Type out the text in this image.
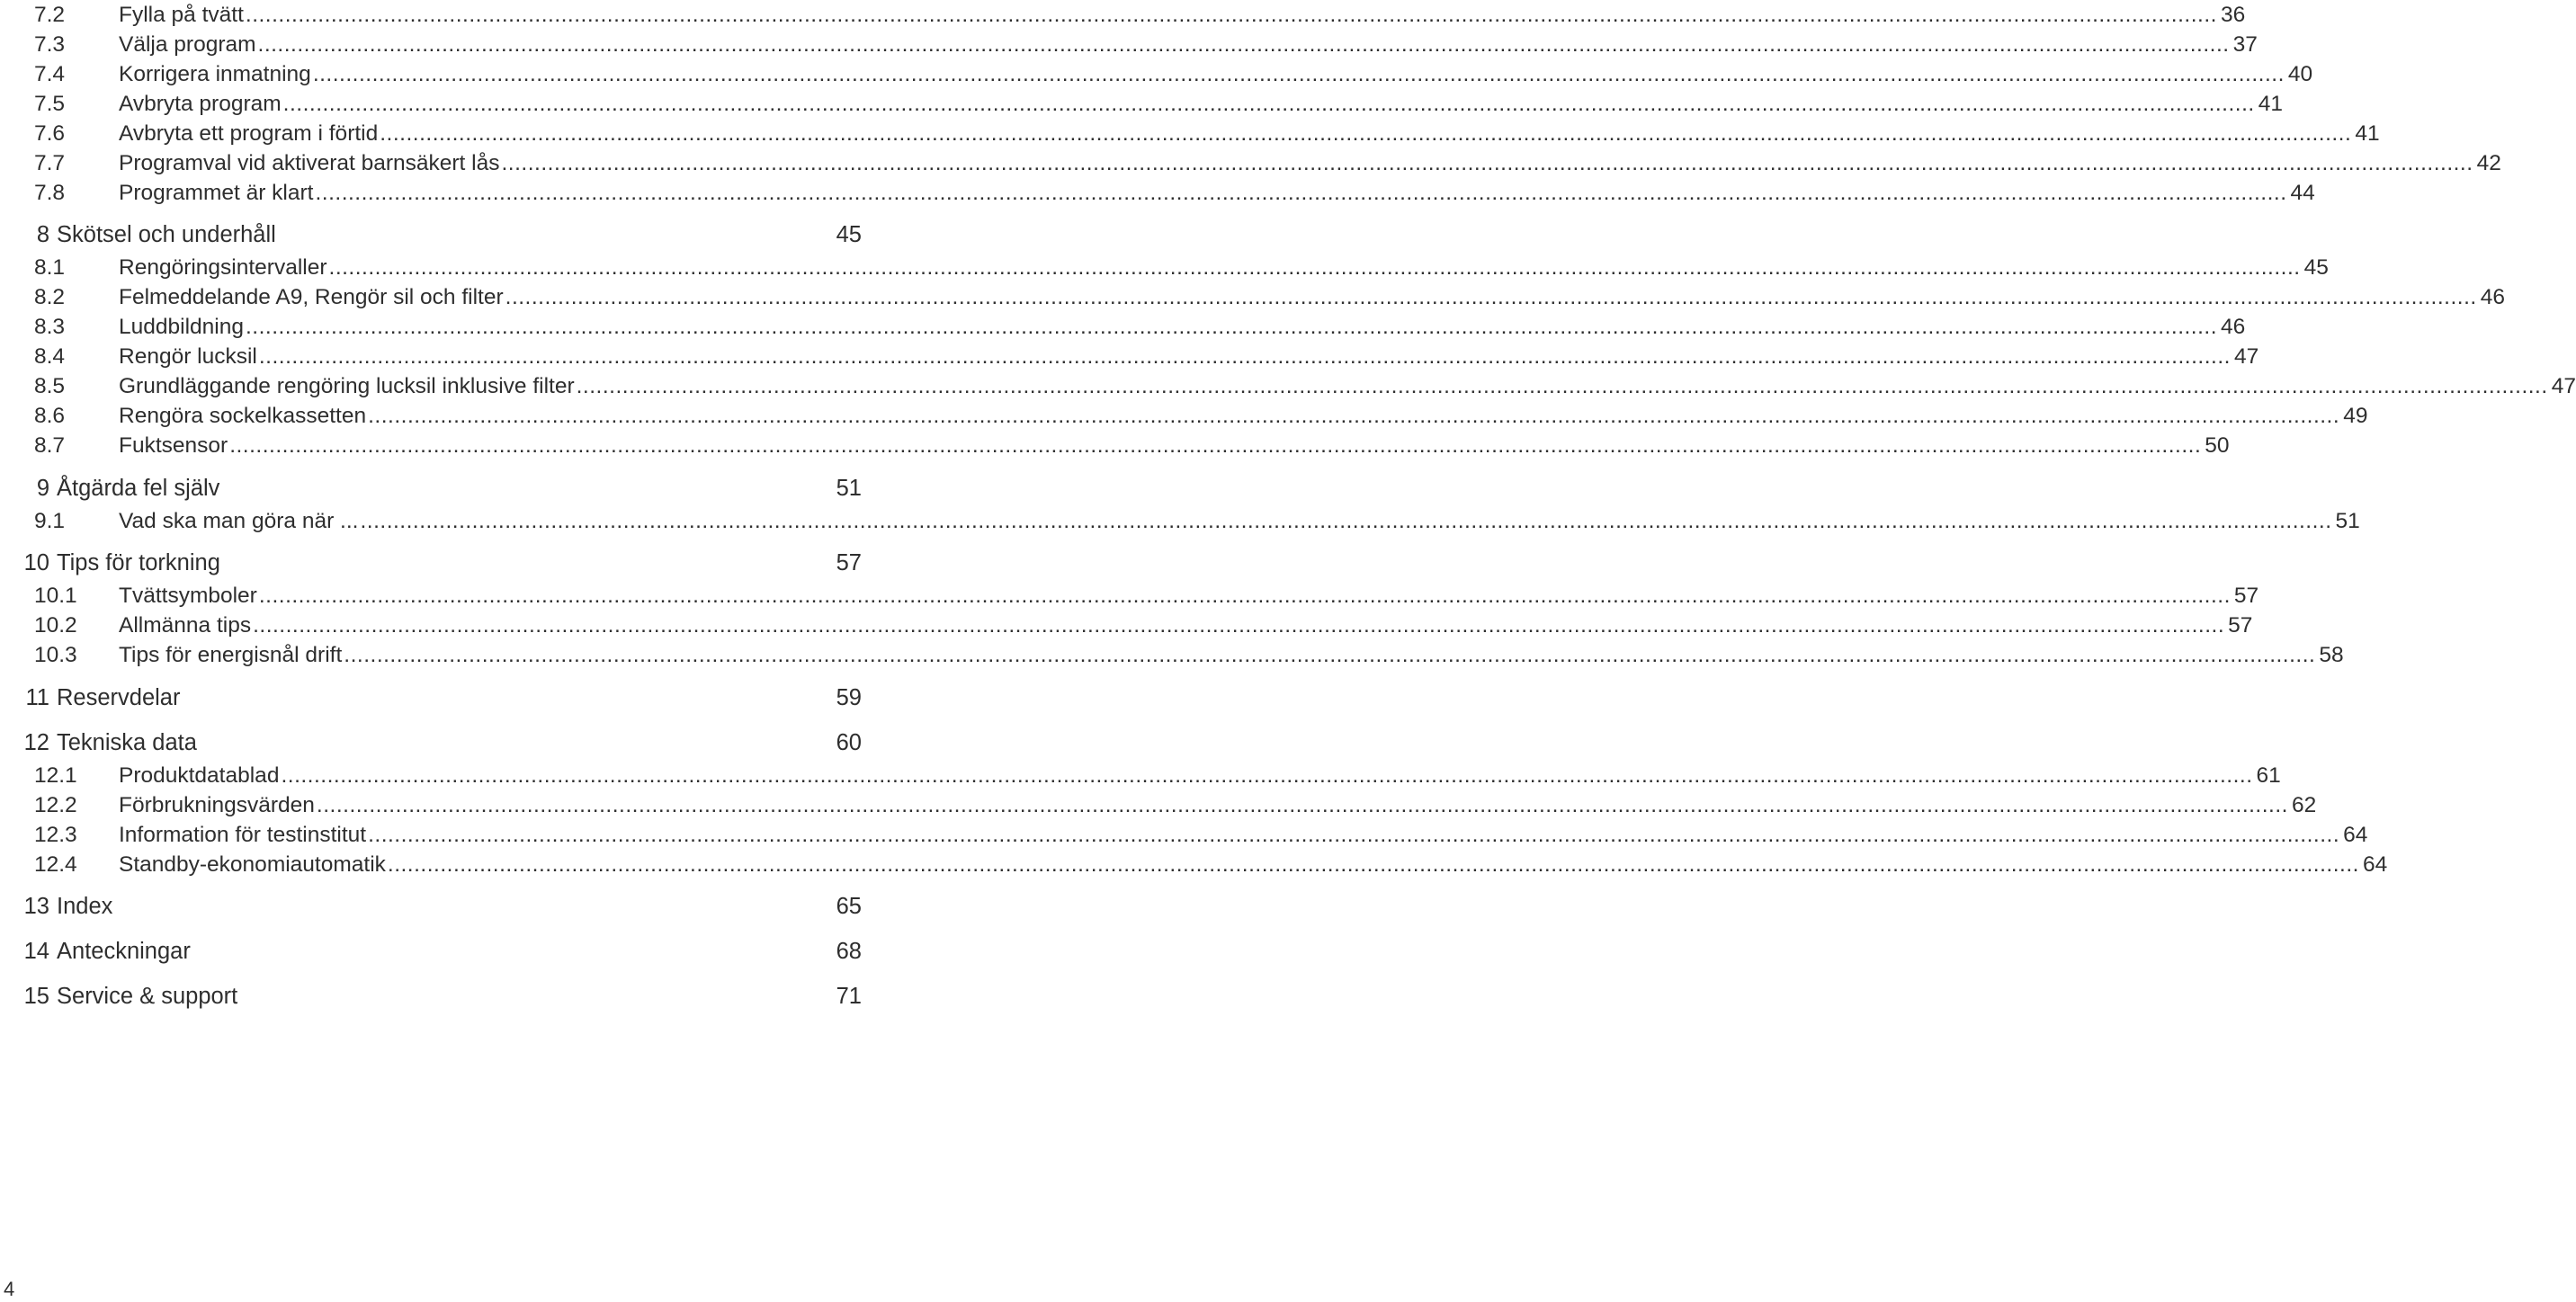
7.2	Fylla på tvätt ............................................................................................................................................................................................................................................................................................................ 36
7.3	Välja program ............................................................................................................................................................................................................................................................................................................ 37
7.4	Korrigera inmatning ............................................................................................................................................................................................................................................................................................................ 40
7.5	Avbryta program ............................................................................................................................................................................................................................................................................................................ 41
7.6	Avbryta ett program i förtid ............................................................................................................................................................................................................................................................................................................ 41
7.7	Programval vid aktiverat barnsäkert lås ............................................................................................................................................................................................................................................................................................................ 42
7.8	Programmet är klart ............................................................................................................................................................................................................................................................................................................ 44
8 Skötsel och underhåll	45
8.1	Rengöringsintervaller ............................................................................................................................................................................................................................................................................................................ 45
8.2	Felmeddelande A9, Rengör sil och filter ............................................................................................................................................................................................................................................................................................................ 46
8.3	Luddbildning ............................................................................................................................................................................................................................................................................................................ 46
8.4	Rengör lucksil ............................................................................................................................................................................................................................................................................................................ 47
8.5	Grundläggande rengöring lucksil inklusive filter ............................................................................................................................................................................................................................................................................................................ 47
8.6	Rengöra sockelkassetten ............................................................................................................................................................................................................................................................................................................ 49
8.7	Fuktsensor ............................................................................................................................................................................................................................................................................................................ 50
9 Åtgärda fel själv	51
9.1	Vad ska man göra när ... ............................................................................................................................................................................................................................................................................................................ 51
10 Tips för torkning	57
10.1	Tvättsymboler ............................................................................................................................................................................................................................................................................................................ 57
10.2	Allmänna tips ............................................................................................................................................................................................................................................................................................................ 57
10.3	Tips för energisnål drift ............................................................................................................................................................................................................................................................................................................ 58
11 Reservdelar	59
12 Tekniska data	60
12.1	Produktdatablad ............................................................................................................................................................................................................................................................................................................ 61
12.2	Förbrukningsvärden ............................................................................................................................................................................................................................................................................................................ 62
12.3	Information för testinstitut ............................................................................................................................................................................................................................................................................................................ 64
12.4	Standby-ekonomiautomatik ............................................................................................................................................................................................................................................................................................................ 64
13 Index	65
14 Anteckningar	68
15 Service & support	71
4
